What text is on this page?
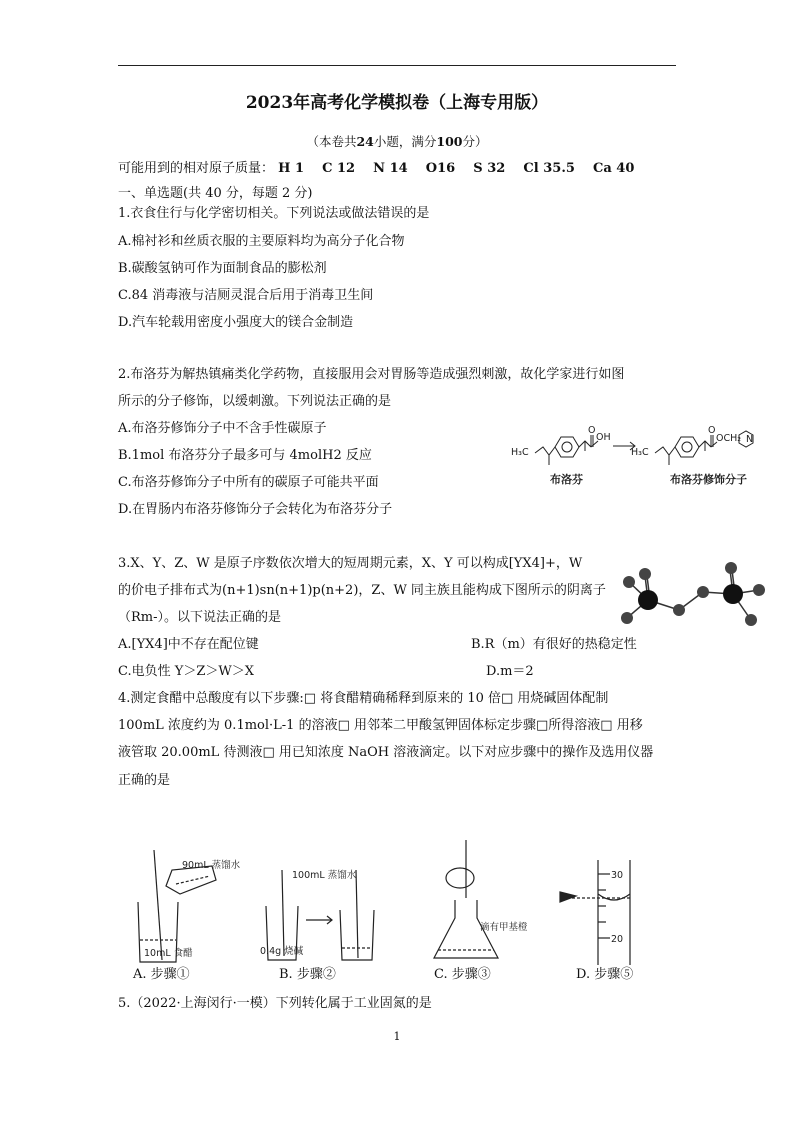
2023年高考化学模拟卷（上海专用版）
（本卷共24小题，满分100分）
可能用到的相对原子质量： H 1    C 12    N 14    O16    S 32    Cl 35.5    Ca 40
一、单选题(共 40 分，每题 2 分)
1.衣食住行与化学密切相关。下列说法或做法错误的是
A.棉衬衫和丝质衣服的主要原料均为高分子化合物
B.碳酸氢钠可作为面制食品的膨松剂
C.84 消毒液与洁厕灵混合后用于消毒卫生间
D.汽车轮载用密度小强度大的镁合金制造
2.布洛芬为解热镇痛类化学药物，直接服用会对胃肠等造成强烈刺激，故化学家进行如图
所示的分子修饰，以缓刺激。下列说法正确的是
A.布洛芬修饰分子中不含手性碳原子
B.1mol 布洛芬分子最多可与 4molH2 反应
C.布洛芬修饰分子中所有的碳原子可能共平面
D.在胃肠内布洛芬修饰分子会转化为布洛芬分子
H₃C
OH
O
H₃C
O
OCH₂ N
布洛芬	布洛芬修饰分子
3.X、Y、Z、W 是原子序数依次增大的短周期元素，X、Y 可以构成[YX4]+，W
的价电子排布式为(n+1)sn(n+1)p(n+2)，Z、W 同主族且能构成下图所示的阴离子
（Rm-）。以下说法正确的是
A.[YX4]中不存在配位键	B.R（m）有很好的热稳定性
C.电负性 Y＞Z＞W＞X	D.m＝2
4.测定食醋中总酸度有以下步骤:□ 将食醋精确稀释到原来的 10 倍□ 用烧碱固体配制
100mL 浓度约为 0.1mol·L-1 的溶液□ 用邻苯二甲酸氢钾固体标定步骤□所得溶液□ 用移
液管取 20.00mL 待测液□ 用已知浓度 NaOH 溶液滴定。以下对应步骤中的操作及选用仪器
正确的是
90mL 蒸馏水
10mL 食醋
100mL 蒸馏水
0.4g 烧碱
滴有甲基橙
30
20
A. 步骤①	B. 步骤②	C. 步骤③	D. 步骤⑤
5.（2022·上海闵行·一模）下列转化属于工业固氮的是
1
